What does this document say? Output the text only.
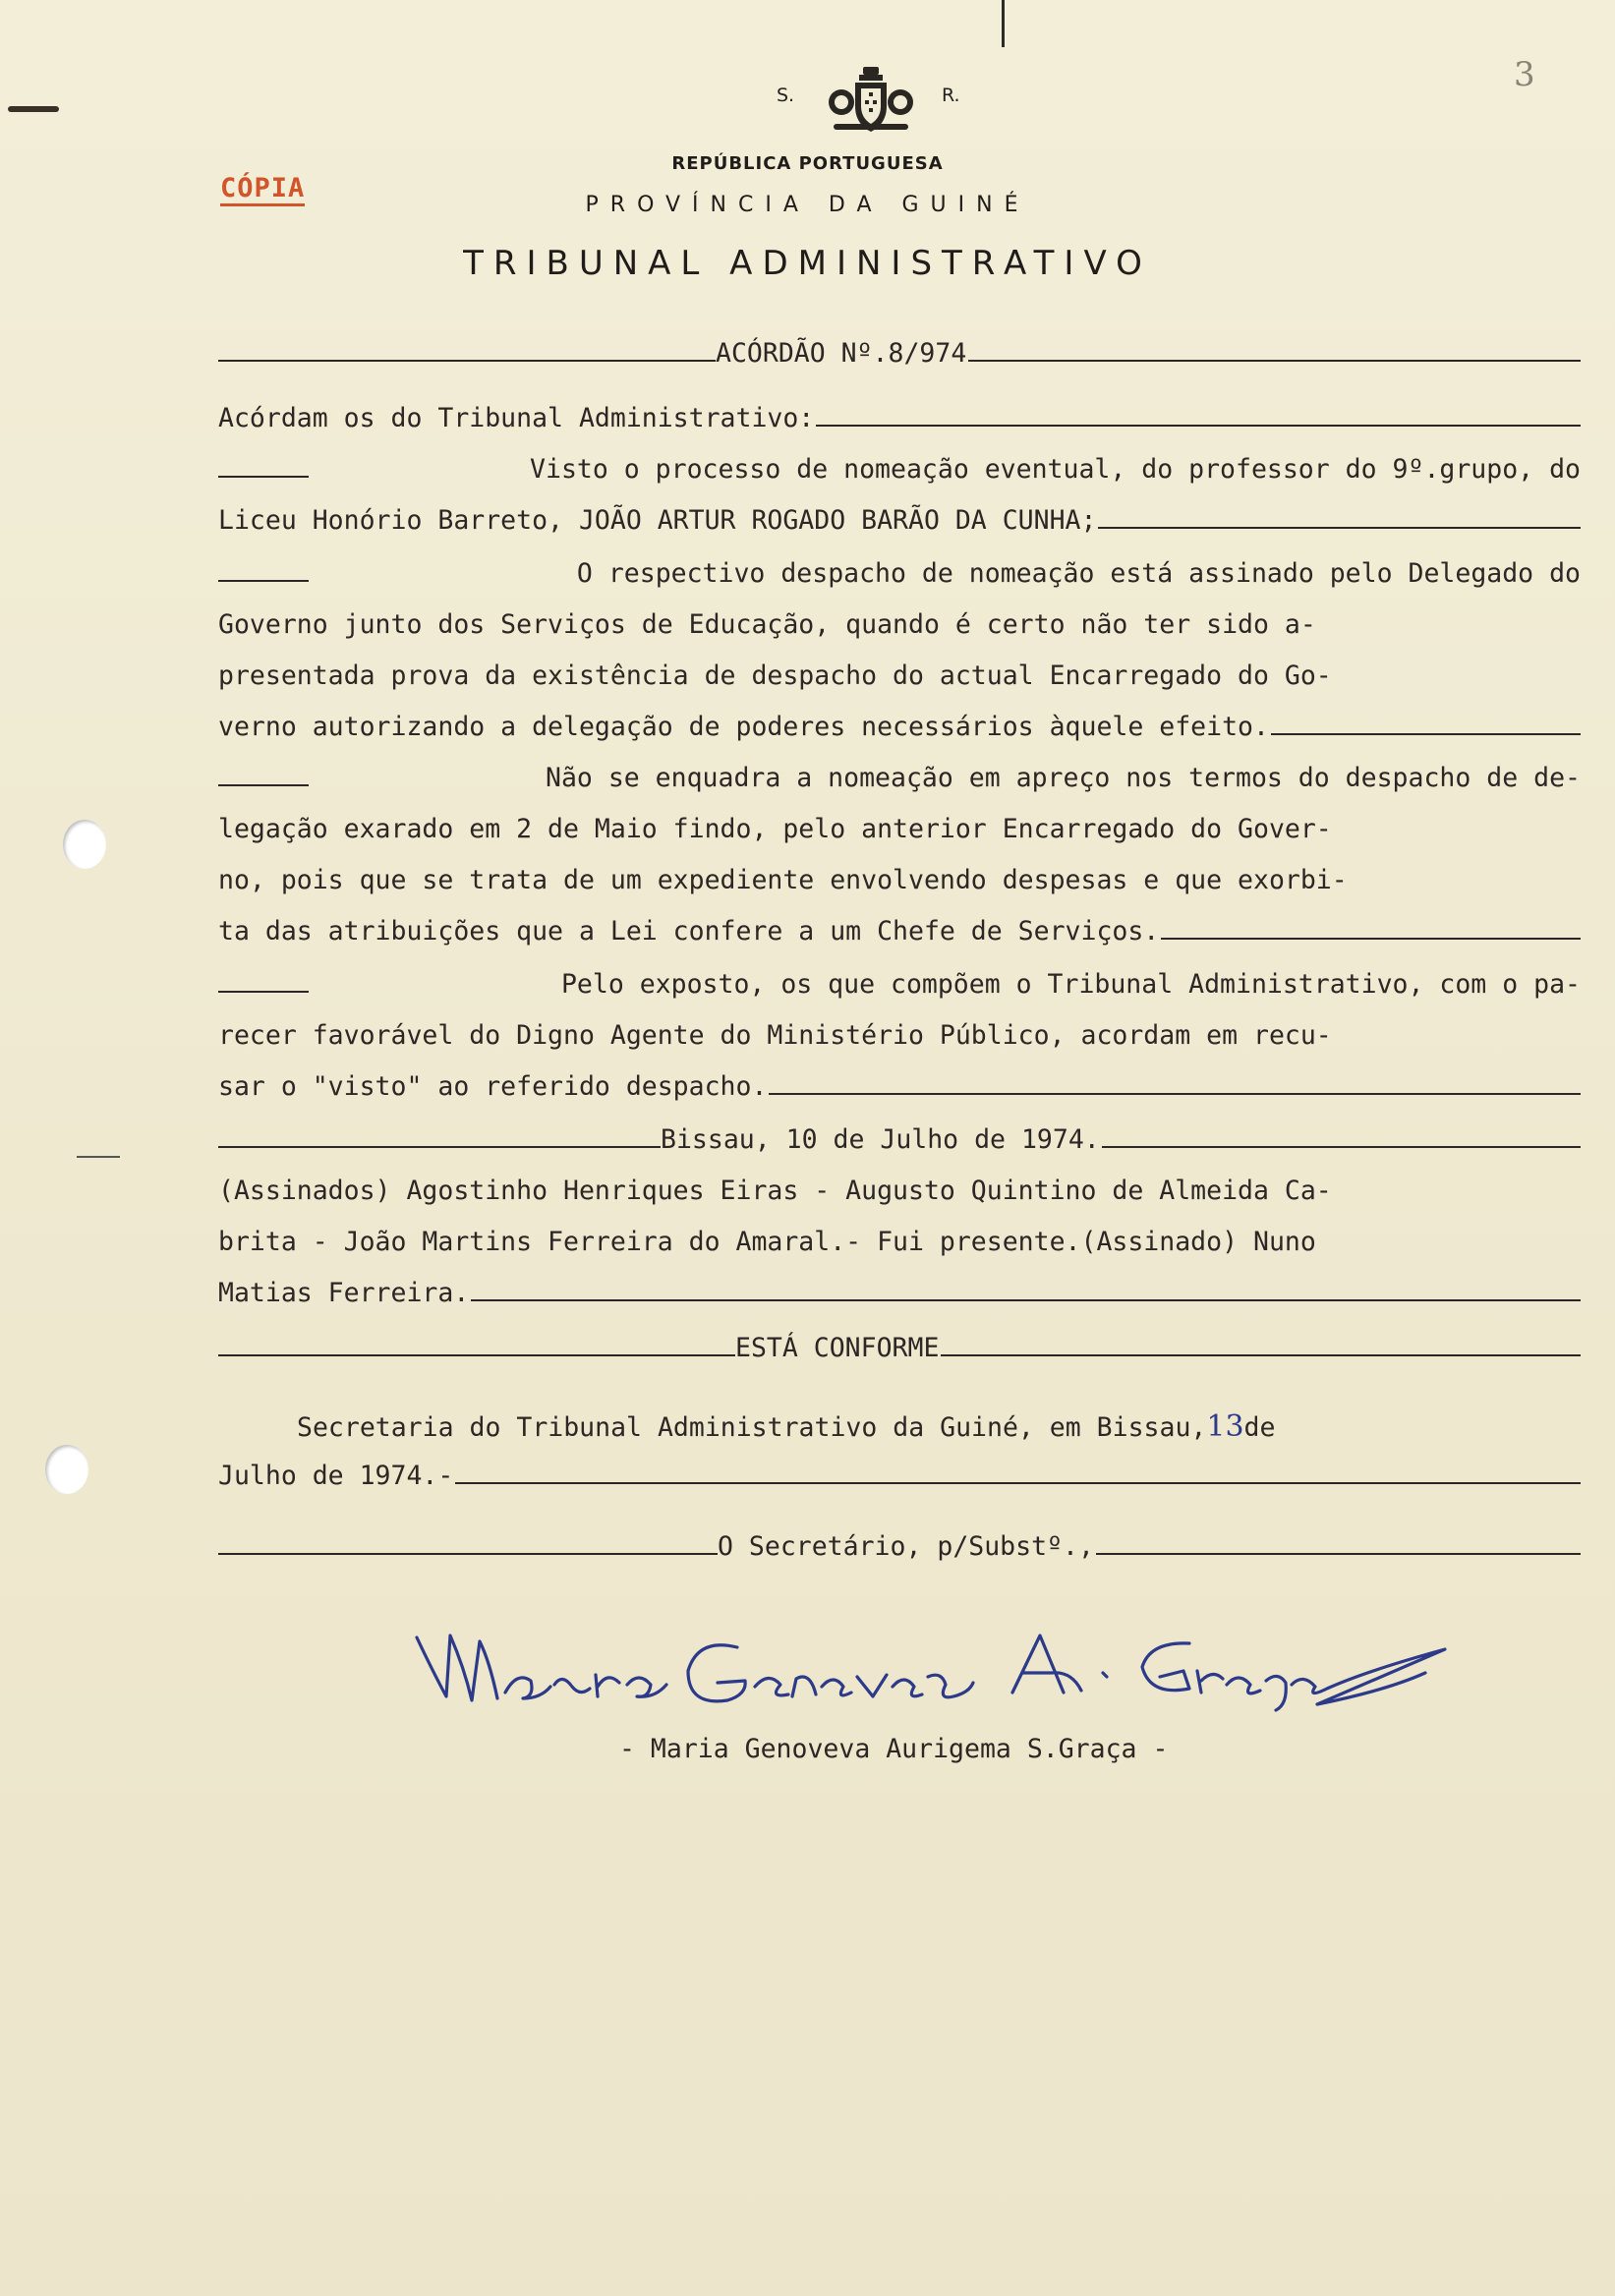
3
S.	R.
REPÚBLICA PORTUGUESA
PROVÍNCIA DA GUINÉ
TRIBUNAL ADMINISTRATIVO
CÓPIA
ACÓRDÃO Nº.8/974
Acórdam os do Tribunal Administrativo:
Visto o processo de nomeação eventual, do professor do 9º.grupo, do
Liceu Honório Barreto, JOÃO ARTUR ROGADO BARÃO DA CUNHA;
O respectivo despacho de nomeação está assinado pelo Delegado do
Governo junto dos Serviços de Educação, quando é certo não ter sido a-
presentada prova da existência de despacho do actual Encarregado do Go-
verno autorizando a delegação de poderes necessários àquele efeito.
Não se enquadra a nomeação em apreço nos termos do despacho de de-
legação exarado em 2 de Maio findo, pelo anterior Encarregado do Gover-
no, pois que se trata de um expediente envolvendo despesas e que exorbi-
ta das atribuições que a Lei confere a um Chefe de Serviços.
Pelo exposto, os que compõem o Tribunal Administrativo, com o pa-
recer favorável do Digno Agente do Ministério Público, acordam em recu-
sar o "visto" ao referido despacho.
Bissau, 10 de Julho de 1974.
(Assinados) Agostinho Henriques Eiras - Augusto Quintino de Almeida Ca-
brita - João Martins Ferreira do Amaral.- Fui presente.(Assinado) Nuno
Matias Ferreira.
ESTÁ CONFORME
Secretaria do Tribunal Administrativo da Guiné, em Bissau, 13 de
Julho de 1974.-
O Secretário, p/Substº.,
- Maria Genoveva Aurigema S.Graça -
